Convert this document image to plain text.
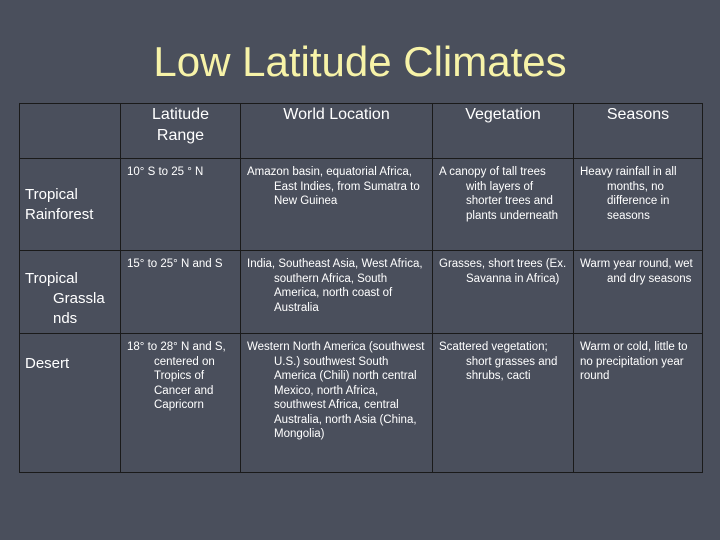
Low Latitude Climates
	Latitude Range	World Location	Vegetation	Seasons

Tropical Rainforest	10° S to 25 ° N	Amazon basin, equatorial Africa, East Indies, from Sumatra to New Guinea	A canopy of tall trees with layers of shorter trees and plants underneath	Heavy rainfall in all months, no difference in seasons

Tropical
Grassla
nds	15° to 25° N and S	India, Southeast Asia, West Africa, southern Africa, South America, north coast of Australia	Grasses, short trees (Ex. Savanna in Africa)	Warm year round, wet and dry seasons

Desert	18° to 28° N and S, centered on Tropics of Cancer and Capricorn	Western North America (southwest U.S.) southwest South America (Chili) north central Mexico, north Africa, southwest Africa, central Australia, north Asia (China, Mongolia)	Scattered vegetation; short grasses and shrubs, cacti	Warm or cold, little to no precipitation year round
